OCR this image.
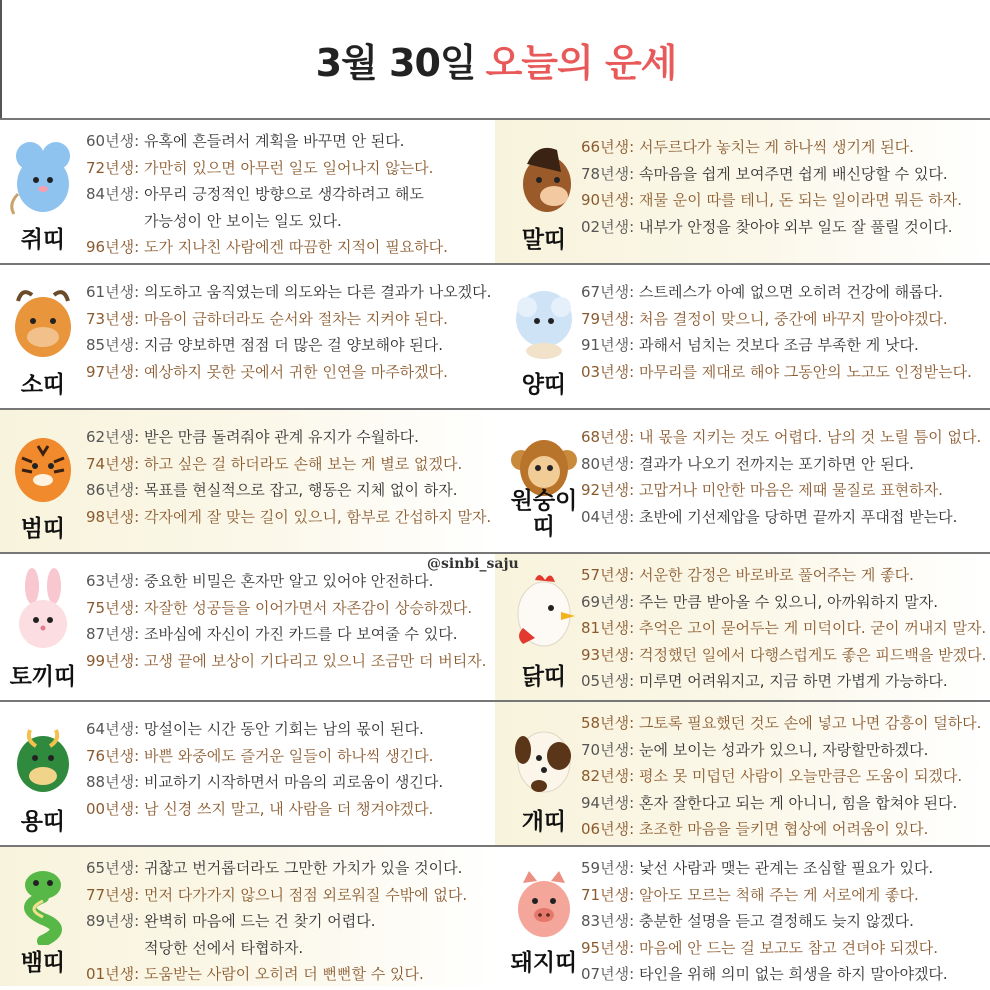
3월 30일 오늘의 운세
쥐띠
60년생: 유혹에 흔들려서 계획을 바꾸면 안 된다.
72년생: 가만히 있으면 아무런 일도 일어나지 않는다.
84년생: 아무리 긍정적인 방향으로 생각하려고 해도
가능성이 안 보이는 일도 있다.
96년생: 도가 지나친 사람에겐 따끔한 지적이 필요하다.	말띠
66년생: 서두르다가 놓치는 게 하나씩 생기게 된다.
78년생: 속마음을 쉽게 보여주면 쉽게 배신당할 수 있다.
90년생: 재물 운이 따를 테니, 돈 되는 일이라면 뭐든 하자.
02년생: 내부가 안정을 찾아야 외부 일도 잘 풀릴 것이다.
소띠
61년생: 의도하고 움직였는데 의도와는 다른 결과가 나오겠다.
73년생: 마음이 급하더라도 순서와 절차는 지켜야 된다.
85년생: 지금 양보하면 점점 더 많은 걸 양보해야 된다.
97년생: 예상하지 못한 곳에서 귀한 인연을 마주하겠다.
양띠
67년생: 스트레스가 아예 없으면 오히려 건강에 해롭다.
79년생: 처음 결정이 맞으니, 중간에 바꾸지 말아야겠다.
91년생: 과해서 넘치는 것보다 조금 부족한 게 낫다.
03년생: 마무리를 제대로 해야 그동안의 노고도 인정받는다.
범띠
62년생: 받은 만큼 돌려줘야 관계 유지가 수월하다.
74년생: 하고 싶은 걸 하더라도 손해 보는 게 별로 없겠다.
86년생: 목표를 현실적으로 잡고, 행동은 지체 없이 하자.
98년생: 각자에게 잘 맞는 길이 있으니, 함부로 간섭하지 말자.
원숭이
띠
68년생: 내 몫을 지키는 것도 어렵다. 남의 것 노릴 틈이 없다.
80년생: 결과가 나오기 전까지는 포기하면 안 된다.
92년생: 고맙거나 미안한 마음은 제때 물질로 표현하자.
04년생: 초반에 기선제압을 당하면 끝까지 푸대접 받는다.
토끼띠
63년생: 중요한 비밀은 혼자만 알고 있어야 안전하다.
75년생: 자잘한 성공들을 이어가면서 자존감이 상승하겠다.
87년생: 조바심에 자신이 가진 카드를 다 보여줄 수 있다.
99년생: 고생 끝에 보상이 기다리고 있으니 조금만 더 버티자.
닭띠
57년생: 서운한 감정은 바로바로 풀어주는 게 좋다.
69년생: 주는 만큼 받아올 수 있으니, 아까워하지 말자.
81년생: 추억은 고이 묻어두는 게 미덕이다. 굳이 꺼내지 말자.
93년생: 걱정했던 일에서 다행스럽게도 좋은 피드백을 받겠다.
05년생: 미루면 어려워지고, 지금 하면 가볍게 가능하다.
용띠
64년생: 망설이는 시간 동안 기회는 남의 몫이 된다.
76년생: 바쁜 와중에도 즐거운 일들이 하나씩 생긴다.
88년생: 비교하기 시작하면서 마음의 괴로움이 생긴다.
00년생: 남 신경 쓰지 말고, 내 사람을 더 챙겨야겠다.
개띠
58년생: 그토록 필요했던 것도 손에 넣고 나면 감흥이 덜하다.
70년생: 눈에 보이는 성과가 있으니, 자랑할만하겠다.
82년생: 평소 못 미덥던 사람이 오늘만큼은 도움이 되겠다.
94년생: 혼자 잘한다고 되는 게 아니니, 힘을 합쳐야 된다.
06년생: 초조한 마음을 들키면 협상에 어려움이 있다.
뱀띠
65년생: 귀찮고 번거롭더라도 그만한 가치가 있을 것이다.
77년생: 먼저 다가가지 않으니 점점 외로워질 수밖에 없다.
89년생: 완벽히 마음에 드는 건 찾기 어렵다.
적당한 선에서 타협하자.
01년생: 도움받는 사람이 오히려 더 뻔뻔할 수 있다.	돼지띠
59년생: 낯선 사람과 맺는 관계는 조심할 필요가 있다.
71년생: 알아도 모르는 척해 주는 게 서로에게 좋다.
83년생: 충분한 설명을 듣고 결정해도 늦지 않겠다.
95년생: 마음에 안 드는 걸 보고도 참고 견뎌야 되겠다.
07년생: 타인을 위해 의미 없는 희생을 하지 말아야겠다.
@sinbi_saju
